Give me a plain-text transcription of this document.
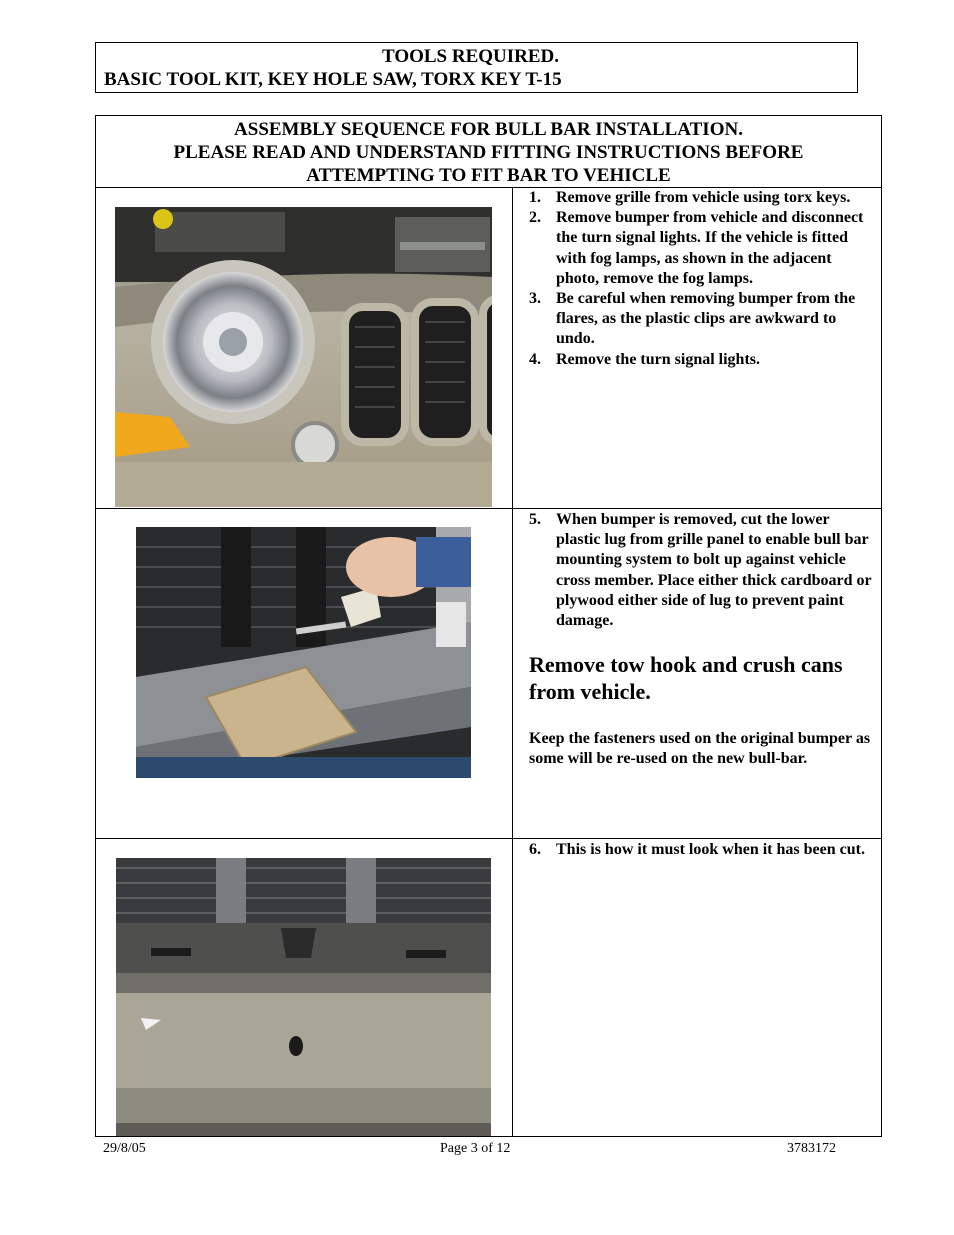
TOOLS REQUIRED.
BASIC TOOL KIT, KEY HOLE SAW, TORX KEY T-15
ASSEMBLY SEQUENCE FOR BULL BAR INSTALLATION.
PLEASE READ AND UNDERSTAND FITTING INSTRUCTIONS BEFORE
ATTEMPTING TO FIT BAR TO VEHICLE
1. Remove grille from vehicle using torx keys.
2. Remove bumper from vehicle and disconnect the turn signal lights. If the vehicle is fitted with fog lamps, as shown in the adjacent photo, remove the fog lamps.
3. Be careful when removing bumper from the flares, as the plastic clips are awkward to undo.
4. Remove the turn signal lights.
5. When bumper is removed, cut the lower plastic lug from grille panel to enable bull bar mounting system to bolt up against vehicle cross member. Place either thick cardboard or plywood either side of lug to prevent paint damage.
Remove tow hook and crush cans from vehicle.
Keep the fasteners used on the original bumper as some will be re-used on the new bull-bar.
6. This is how it must look when it has been cut.
29/8/05	Page 3 of 12	3783172
